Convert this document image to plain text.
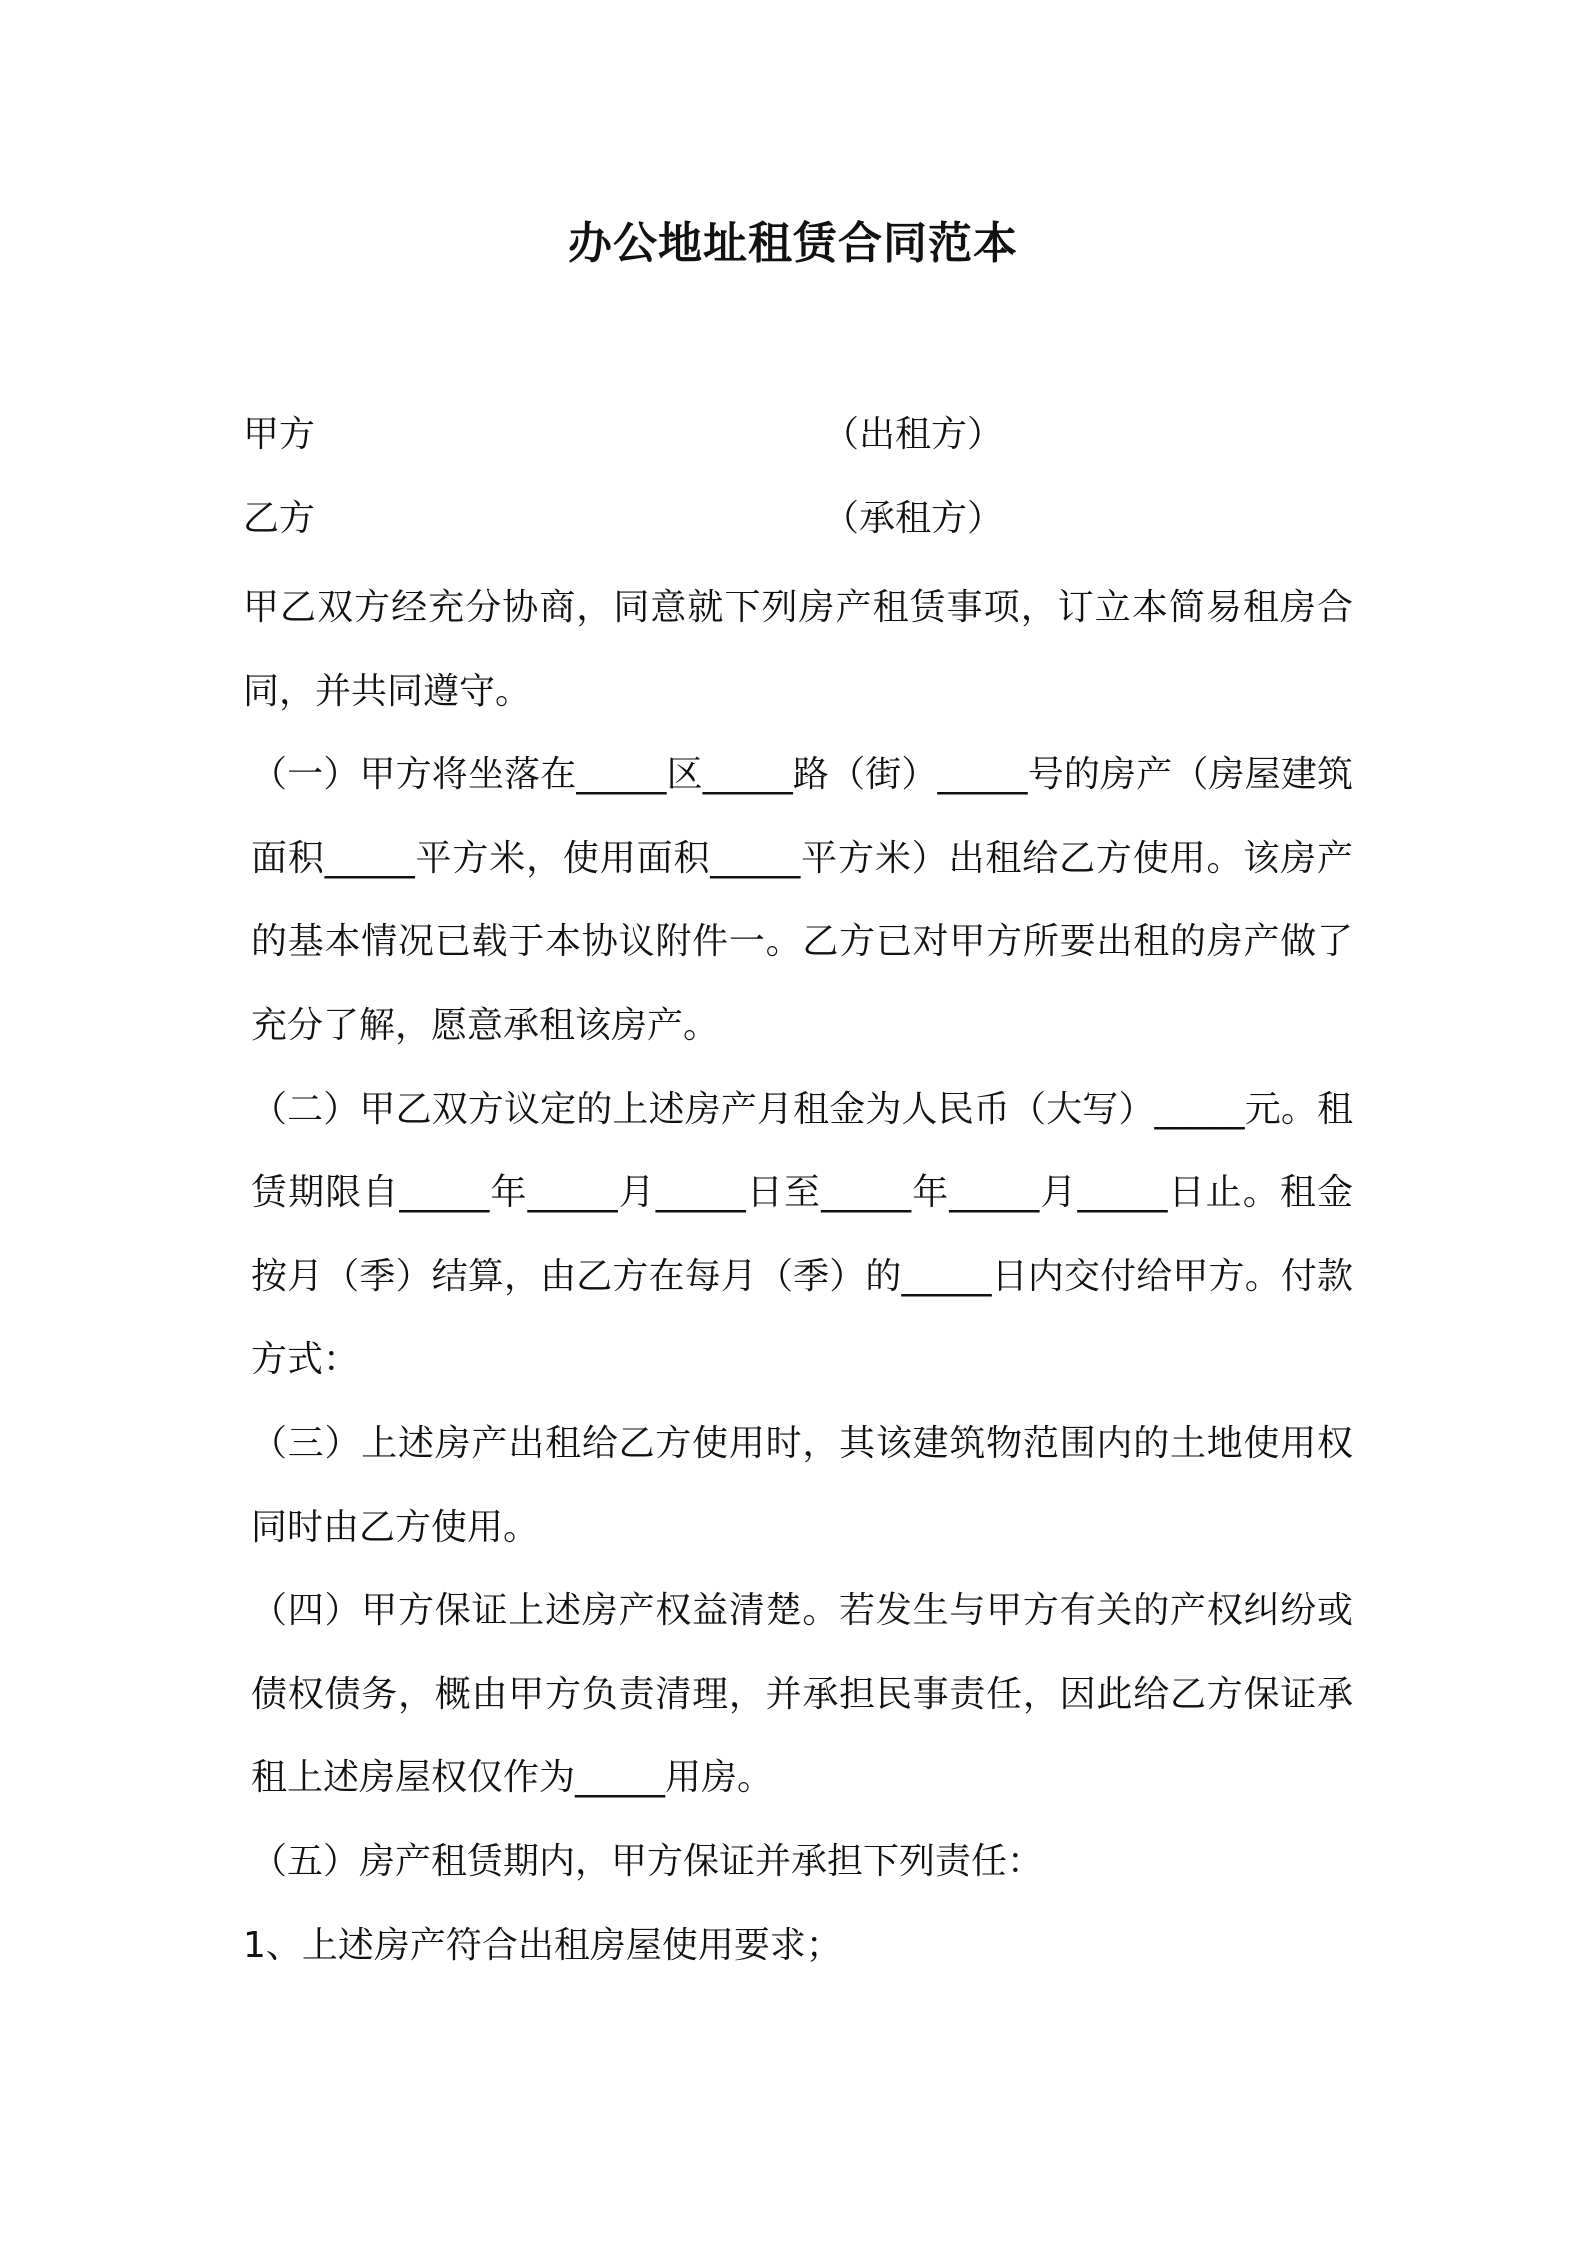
办公地址租赁合同范本
甲方	（出租方）
乙方	（承租方）

甲乙双方经充分协商，同意就下列房产租赁事项，订立本简易租房合同，并共同遵守。

（一）甲方将坐落在_____区_____路（街）_____号的房产（房屋建筑面积_____平方米，使用面积_____平方米）出租给乙方使用。该房产的基本情况已载于本协议附件一。乙方已对甲方所要出租的房产做了充分了解，愿意承租该房产。

（二）甲乙双方议定的上述房产月租金为人民币（大写）_____元。租赁期限自_____年_____月_____日至_____年_____月_____日止。租金按月（季）结算，由乙方在每月（季）的_____日内交付给甲方。付款方式：

（三）上述房产出租给乙方使用时，其该建筑物范围内的土地使用权同时由乙方使用。

（四）甲方保证上述房产权益清楚。若发生与甲方有关的产权纠纷或债权债务，概由甲方负责清理，并承担民事责任，因此给乙方保证承租上述房屋权仅作为_____用房。

（五）房产租赁期内，甲方保证并承担下列责任：

1、上述房产符合出租房屋使用要求；
